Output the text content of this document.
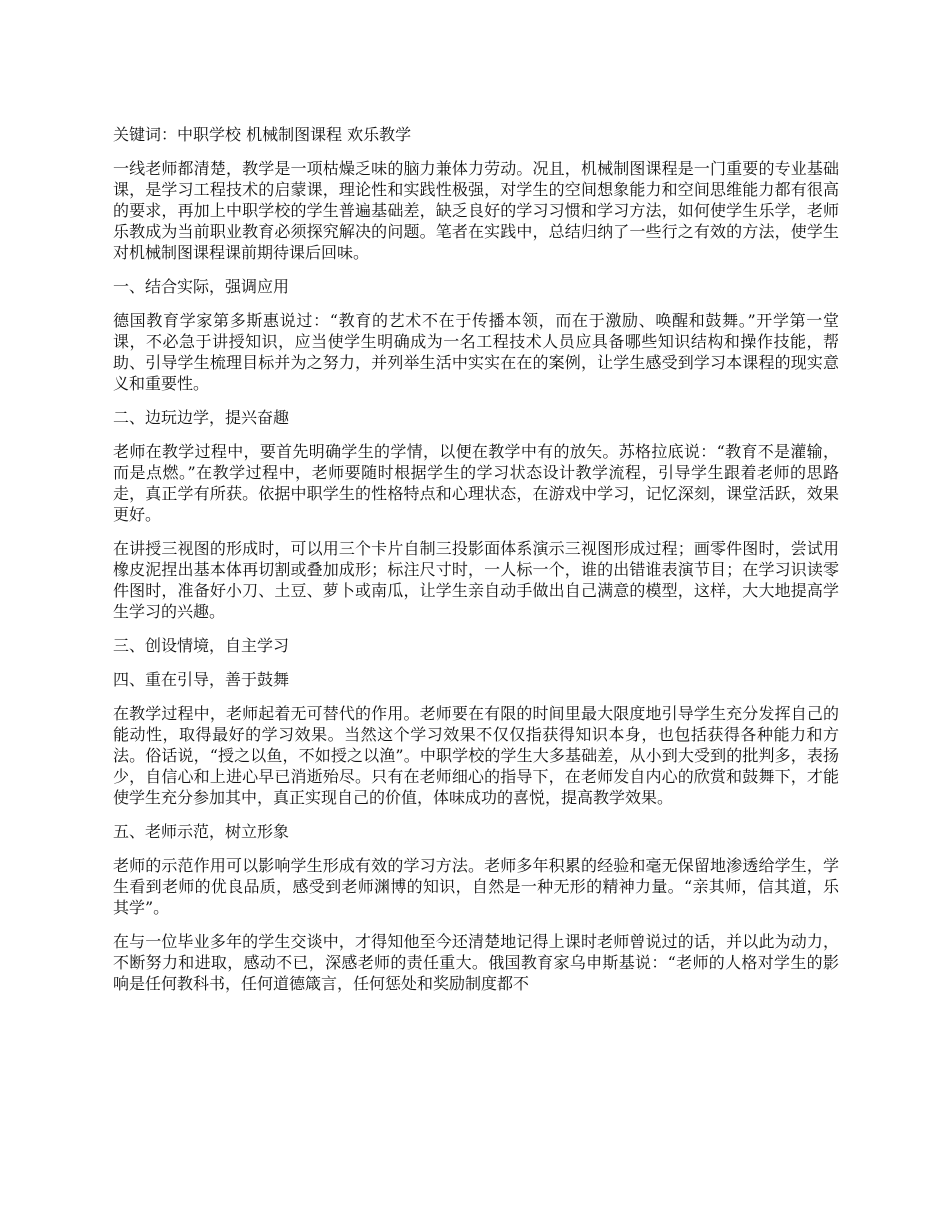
关键词：中职学校 机械制图课程 欢乐教学
一线老师都清楚，教学是一项枯燥乏味的脑力兼体力劳动。况且，机械制图课程是一门重要的专业基础课，是学习工程技术的启蒙课，理论性和实践性极强，对学生的空间想象能力和空间思维能力都有很高的要求，再加上中职学校的学生普遍基础差，缺乏良好的学习习惯和学习方法，如何使学生乐学，老师乐教成为当前职业教育必须探究解决的问题。笔者在实践中，总结归纳了一些行之有效的方法，使学生对机械制图课程课前期待课后回味。
一、结合实际，强调应用
德国教育学家第多斯惠说过：“教育的艺术不在于传播本领，而在于激励、唤醒和鼓舞。”开学第一堂课，不必急于讲授知识，应当使学生明确成为一名工程技术人员应具备哪些知识结构和操作技能，帮助、引导学生梳理目标并为之努力，并列举生活中实实在在的案例，让学生感受到学习本课程的现实意义和重要性。
二、边玩边学，提兴奋趣
老师在教学过程中，要首先明确学生的学情，以便在教学中有的放矢。苏格拉底说：“教育不是灌输，而是点燃。”在教学过程中，老师要随时根据学生的学习状态设计教学流程，引导学生跟着老师的思路走，真正学有所获。依据中职学生的性格特点和心理状态，在游戏中学习，记忆深刻，课堂活跃，效果更好。
在讲授三视图的形成时，可以用三个卡片自制三投影面体系演示三视图形成过程；画零件图时，尝试用橡皮泥捏出基本体再切割或叠加成形；标注尺寸时，一人标一个，谁的出错谁表演节目；在学习识读零件图时，准备好小刀、土豆、萝卜或南瓜，让学生亲自动手做出自己满意的模型，这样，大大地提高学生学习的兴趣。
三、创设情境，自主学习
四、重在引导，善于鼓舞
在教学过程中，老师起着无可替代的作用。老师要在有限的时间里最大限度地引导学生充分发挥自己的能动性，取得最好的学习效果。当然这个学习效果不仅仅指获得知识本身，也包括获得各种能力和方法。俗话说，“授之以鱼，不如授之以渔”。中职学校的学生大多基础差，从小到大受到的批判多，表扬少，自信心和上进心早已消逝殆尽。只有在老师细心的指导下，在老师发自内心的欣赏和鼓舞下，才能使学生充分参加其中，真正实现自己的价值，体味成功的喜悦，提高教学效果。
五、老师示范，树立形象
老师的示范作用可以影响学生形成有效的学习方法。老师多年积累的经验和毫无保留地渗透给学生，学生看到老师的优良品质，感受到老师渊博的知识，自然是一种无形的精神力量。“亲其师，信其道，乐其学”。
在与一位毕业多年的学生交谈中，才得知他至今还清楚地记得上课时老师曾说过的话，并以此为动力，不断努力和进取，感动不已，深感老师的责任重大。俄国教育家乌申斯基说：“老师的人格对学生的影响是任何教科书，任何道德箴言，任何惩处和奖励制度都不
